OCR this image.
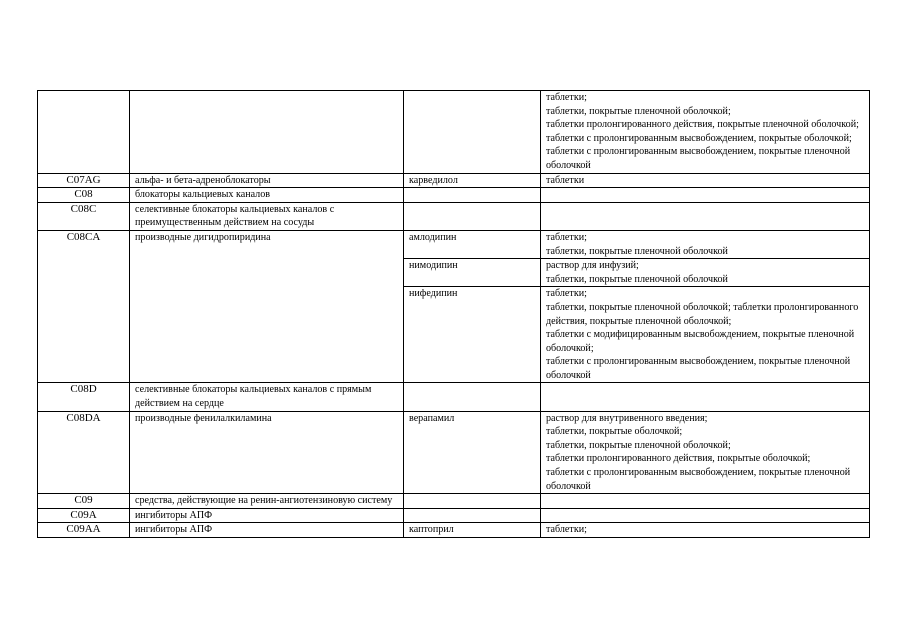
			таблетки;
таблетки, покрытые пленочной оболочкой;
таблетки пролонгированного действия, покрытые пленочной оболочкой;
таблетки с пролонгированным высвобождением, покрытые оболочкой;
таблетки с пролонгированным высвобождением, покрытые пленочной оболочкой
C07AG	альфа- и бета-адреноблокаторы	карведилол	таблетки
C08	блокаторы кальциевых каналов		
C08C	селективные блокаторы кальциевых каналов с преимущественным действием на сосуды		
C08CA	производные дигидропиридина	амлодипин	таблетки;
таблетки, покрытые пленочной оболочкой
		нимодипин	раствор для инфузий;
таблетки, покрытые пленочной оболочкой
		нифедипин	таблетки;
таблетки, покрытые пленочной оболочкой; таблетки пролонгированного действия, покрытые пленочной оболочкой;
таблетки с модифицированным высвобождением, покрытые пленочной оболочкой;
таблетки с пролонгированным высвобождением, покрытые пленочной оболочкой
C08D	селективные блокаторы кальциевых каналов с прямым действием на сердце		
C08DA	производные фенилалкиламина	верапамил	раствор для внутривенного введения;
таблетки, покрытые оболочкой;
таблетки, покрытые пленочной оболочкой;
таблетки пролонгированного действия, покрытые оболочкой;
таблетки с пролонгированным высвобождением, покрытые пленочной оболочкой
C09	средства, действующие на ренин-ангиотензиновую систему		
C09A	ингибиторы АПФ		
C09AA	ингибиторы АПФ	каптоприл	таблетки;
